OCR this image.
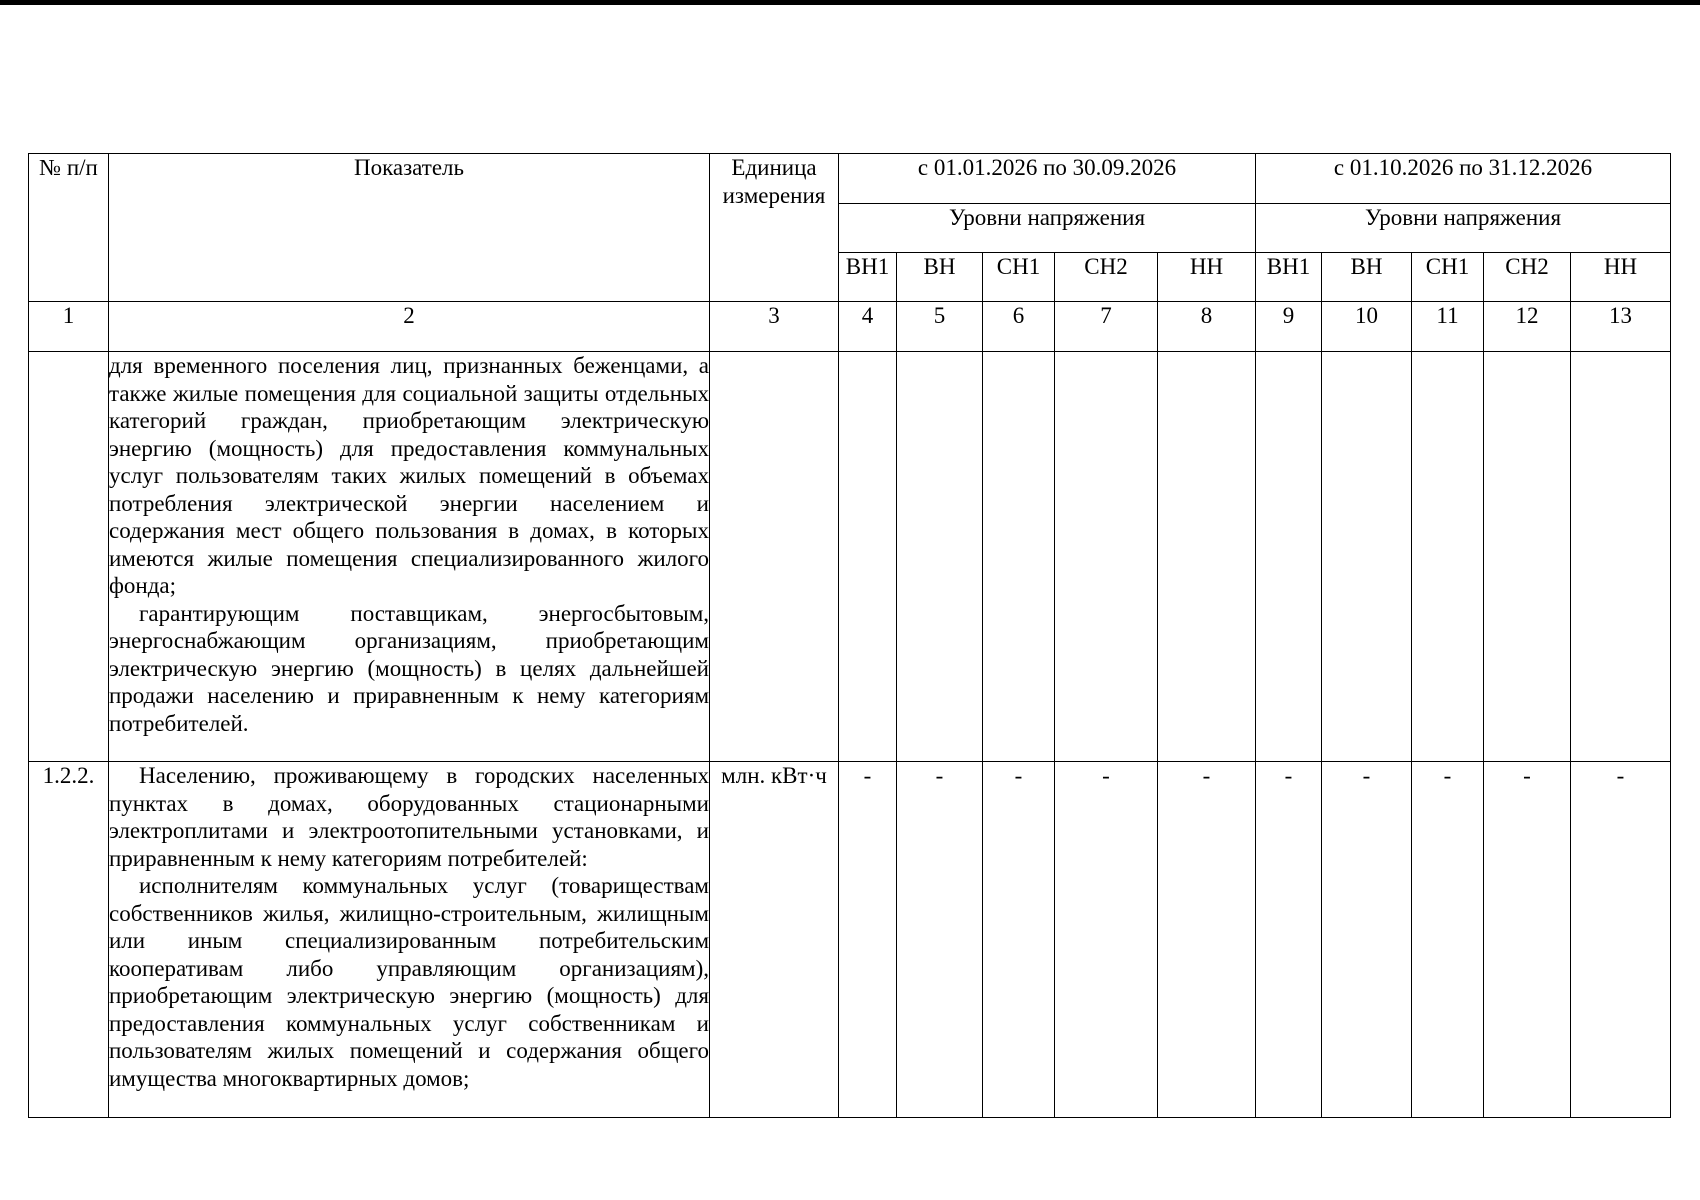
№ п/п	Показатель	Единица измерения	с 01.01.2026 по 30.09.2026					с 01.10.2026 по 31.12.2026				
			Уровни напряжения					Уровни напряжения				
			ВН1	ВН	СН1	СН2	НН	ВН1	ВН	СН1	СН2	НН
1	2	3	4	5	6	7	8	9	10	11	12	13

	для временного поселения лиц, признанных беженцами, а также жилые помещения для социальной защиты отдельных категорий граждан, приобретающим электрическую энергию (мощность) для предоставления коммунальных услуг пользователям таких жилых помещений в объемах потребления электрической энергии населением и содержания мест общего пользования в домах, в которых имеются жилые помещения специализированного жилого фонда;

гарантирующим поставщикам, энергосбытовым, энергоснабжающим организациям, приобретающим электрическую энергию (мощность) в целях дальнейшей продажи населению и приравненным к нему категориям потребителей.											

1.2.2.	Населению, проживающему в городских населенных пунктах в домах, оборудованных стационарными электроплитами и электроотопительными установками, и приравненным к нему категориям потребителей:

исполнителям коммунальных услуг (товариществам собственников жилья, жилищно-строительным, жилищным или иным специализированным потребительским кооперативам либо управляющим организациям), приобретающим электрическую энергию (мощность) для предоставления коммунальных услуг собственникам и пользователям жилых помещений и содержания общего имущества многоквартирных домов;	млн. кВт·ч	-	-	-	-	-	-	-	-	-	-
